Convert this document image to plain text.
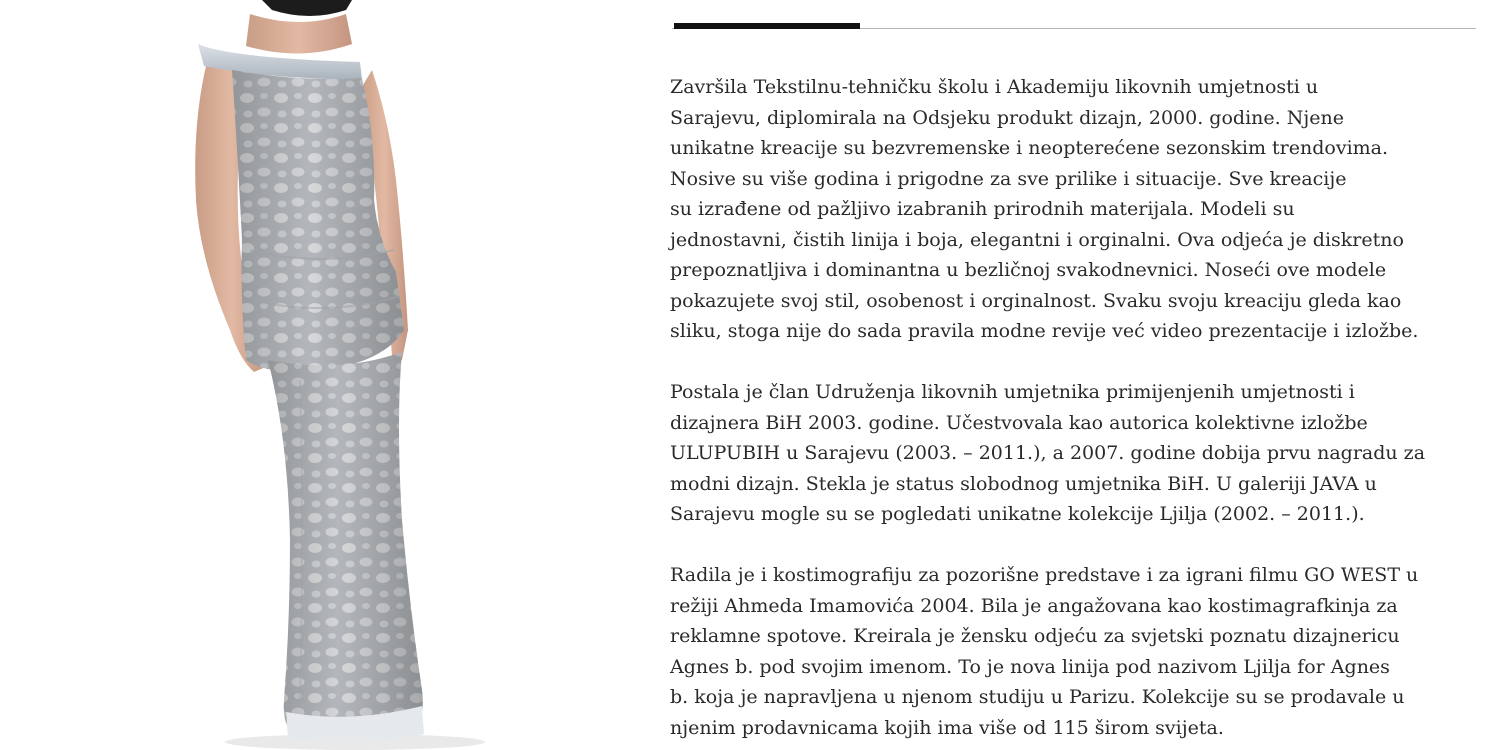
Završila Tekstilnu-tehničku školu i Akademiju likovnih umjetnosti u
Sarajevu, diplomirala na Odsjeku produkt dizajn, 2000. godine. Njene
unikatne kreacije su bezvremenske i neopterećene sezonskim trendovima.
Nosive su više godina i prigodne za sve prilike i situacije. Sve kreacije
su izrađene od pažljivo izabranih prirodnih materijala. Modeli su
jednostavni, čistih linija i boja, elegantni i orginalni. Ova odjeća je diskretno
prepoznatljiva i dominantna u bezličnoj svakodnevnici. Noseći ove modele
pokazujete svoj stil, osobenost i orginalnost. Svaku svoju kreaciju gleda kao
sliku, stoga nije do sada pravila modne revije već video prezentacije i izložbe.

Postala je član Udruženja likovnih umjetnika primijenjenih umjetnosti i
dizajnera BiH 2003. godine. Učestvovala kao autorica kolektivne izložbe
ULUPUBIH u Sarajevu (2003. – 2011.), a 2007. godine dobija prvu nagradu za
modni dizajn. Stekla je status slobodnog umjetnika BiH. U galeriji JAVA u
Sarajevu mogle su se pogledati unikatne kolekcije Ljilja (2002. – 2011.).

Radila je i kostimografiju za pozorišne predstave i za igrani filmu GO WEST u
režiji Ahmeda Imamovića 2004. Bila je angažovana kao kostimagrafkinja za
reklamne spotove. Kreirala je žensku odjeću za svjetski poznatu dizajnericu
Agnes b. pod svojim imenom. To je nova linija pod nazivom Ljilja for Agnes
b. koja je napravljena u njenom studiju u Parizu. Kolekcije su se prodavale u
njenim prodavnicama kojih ima više od 115 širom svijeta.
